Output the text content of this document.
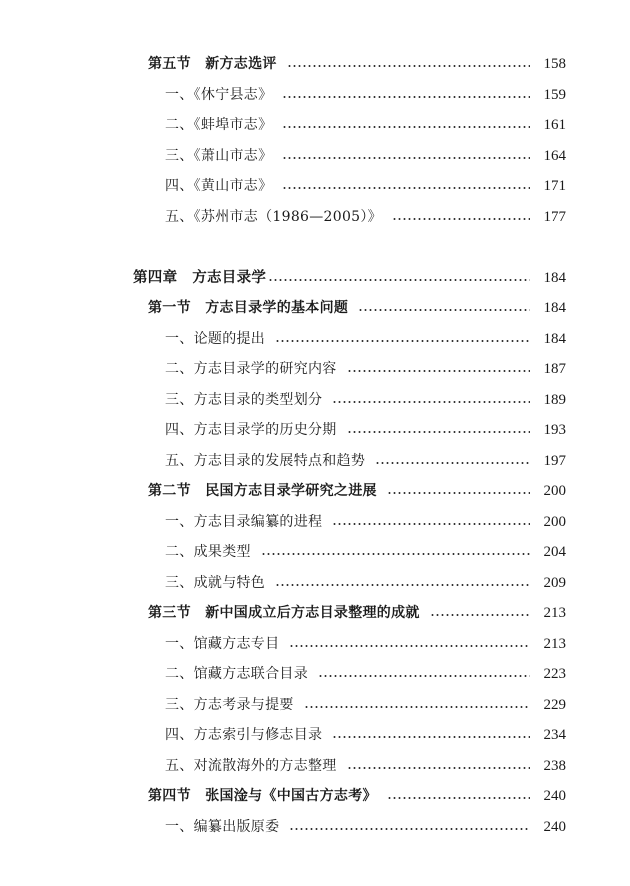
第五节　新方志选评	158
一、《休宁县志》	159
二、《蚌埠市志》	161
三、《萧山市志》	164
四、《黄山市志》	171
五、《苏州市志（1986—2005）》	177
第四章　方志目录学	184
第一节　方志目录学的基本问题	184
一、论题的提出	184
二、方志目录学的研究内容	187
三、方志目录的类型划分	189
四、方志目录学的历史分期	193
五、方志目录的发展特点和趋势	197
第二节　民国方志目录学研究之进展	200
一、方志目录编纂的进程	200
二、成果类型	204
三、成就与特色	209
第三节　新中国成立后方志目录整理的成就	213
一、馆藏方志专目	213
二、馆藏方志联合目录	223
三、方志考录与提要	229
四、方志索引与修志目录	234
五、对流散海外的方志整理	238
第四节　张国淦与《中国古方志考》	240
一、编纂出版原委	240
